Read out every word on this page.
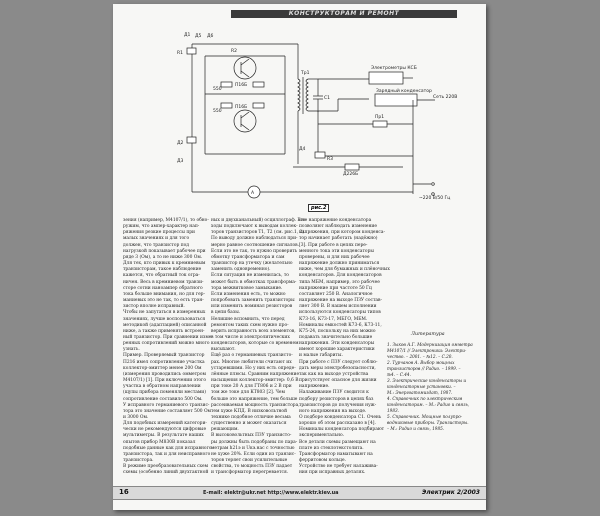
КОНСТРУКТОРАМ И РЕМОНТ
Д1 Д5 Д6
R1	R2
П16Б
П16Б
550
550
Д2
Д3
Тр1
C1
Электрометры КСБ
Зарядный конденсатор
Сеть 220В
Пр1
Д4
R3
Д226Б
A
~220 В/50 Гц
рис.2
зения (например, М4107/1), то обно-
ружим, что ампер-характер нап-
ряжения резкие процессы при
малых значениях и для того
должен, что транзистор под
нагрузкой показывает рабочее при
ряде 3 (Ом), а то не ниже 300 Ом.
Для тех, кто привык к кремниевым
транзисторам, такое наблюдение
кажется, что обратный ток огра-
ничен. Весь в кремниевом транзи-
сторе сотни наноампер обратного
тока больше внимания, но для гер-
маниевых это не так, то есть тран-
зистор вполне исправный.
Чтобы не запутаться в измеренных
значениях, лучше воспользоваться
методикой (адаптацией) описанной
ниже, а также применять встроен-
ный транзистор. При сравнении изме-
ренных сопротивлений можно много
узнать.
Пример. Проверяемый транзистор
П216 имел сопротивление участка
коллектор-эмиттер менее 200 Ом
(измерения проводились омметром
М4107/1) [1]. При включении этого
участка в обратном направлении
(щупы прибора поменяли местами)
сопротивление составило 500 Ом.
У исправного германиевого транзис-
тора это значение составляет 500 Ом
и 3000 Ом.
Для подобных измерений категори-
чески не рекомендуются цифровые
мультиметры. В результате наших
опытов прибор М830В показал
подобные данные как для исправного
транзистора, так и для неисправного
транзистора.
В режиме преобразовательных схем
схемы (особенно линий двухтактной
ных и двухканальный) осциллограф. Его
ходы подключают к выводам коллек-
торов транзисторов Т1, Т2 (см. рис.1, 2).
По выводу должно наблюдаться при-
мерно равное соотношение сигналов.
Если это не так, то нужно проверить
обмотку трансформатора и сам
транзистор на утечку (желательно
заменить одновременно).
Если ситуация не изменилась, то
может быть в обмотках трансформа-
тора межвитковое замыкание.
Если изменения есть, то можно
попробовать заменить транзисторы
или изменить номинал резисторов
в цепи базы.
Нелишне вспомнить, что перед
ремонтом таких схем нужно про-
верить исправность всех элементов,
в том числе и электролитических
конденсаторов, которые со временем
высыхают.
Ещё раз о германиевых транзисто-
рах. Многие любители считают их
устаревшими. Но у них есть опреде-
лённые плюсы. Сравним напряжение
насыщения коллектор-эмиттер: 0,6 В
при токе 20 А для ГТ806 и 2 В при
том же токе для КТ803 [2]. Чем
больше это напряжение, тем больше
рассеиваемая мощность транзистора,
тем хуже КПД. В низковольтной
технике подобное отличие весьма
существенно и может оказаться
решающим.
В высоковольтных ПЗУ транзисто-
ры должны быть подобраны по пара-
метрам h21э и Uкэ.нас с точностью
не хуже 20%. Если один из транзис-
торов теряет свои усилительные
свойства, то мощность ПЗУ падает
и трансформатор перегревается.
ное напряжение конденсатора
позволяют наблюдать изменение
напряжения, при котором конденса-
тор начинает работать (надёжно)
[3]. При работе в цепях пере-
менного тока эти конденсаторы
проверены, и для них рабочее
напряжение должно приниматься
ниже, чем для бумажных и плёночных
конденсаторов. Для конденсаторов
типа МБМ, например, это рабочее
напряжение при частоте 50 Гц
составляет 250 В. Аналогичное
напряжение на выходе ПЗУ состав-
ляет 300 В. В нашем исполнении
используются конденсаторы типов
К73-16, К73-17, МБГО, МБМ.
Номиналы емкостей К73-6, К73-11,
К75-24, поскольку на них можно
подавать значительно большие
напряжения. Эти конденсаторы
имеют хорошие характеристики
и малые габариты.
При работе с ПЗУ следует соблю-
дать меры электробезопасности,
так как на выходе устройства
присутствует опасное для жизни
напряжение.
Налаживание ПЗУ сводится к
подбору резисторов в цепях баз
транзисторов до получения нуж-
ного напряжения на выходе.
О подборе конденсатора С1. Очень
хорошо об этом рассказано в [4].
Номиналы конденсатора подбирают
экспериментально.
Все детали схемы размещают на
плате из стеклотекстолита.
Трансформатор наматывают на
ферритовом кольце.
Устройство не требует налажива-
ния при исправных деталях.
Литература
1. Зыков А.Г. Модернизация омметра
М4107/1 // Электроника: Электри-
чество. – 2001. – №12. – С.20.
2. Турчанов А. Выбор мощных
транзисторов // Радио. – 1999. –
№4. – С.44.
3. Электрические конденсаторы и
конденсаторные установки. –
М.: Энергоатомиздат, 1987.
4. Справочник по электрическим
конденсаторам. – М.: Радио и связь,
1983.
5. Справочник. Мощные полупро-
водниковые приборы. Транзисторы.
– М.: Радио и связь, 1985.
16	E-mail: elektr@ukr.net http://www.elektr.kiev.ua	Электрик 2/2003
